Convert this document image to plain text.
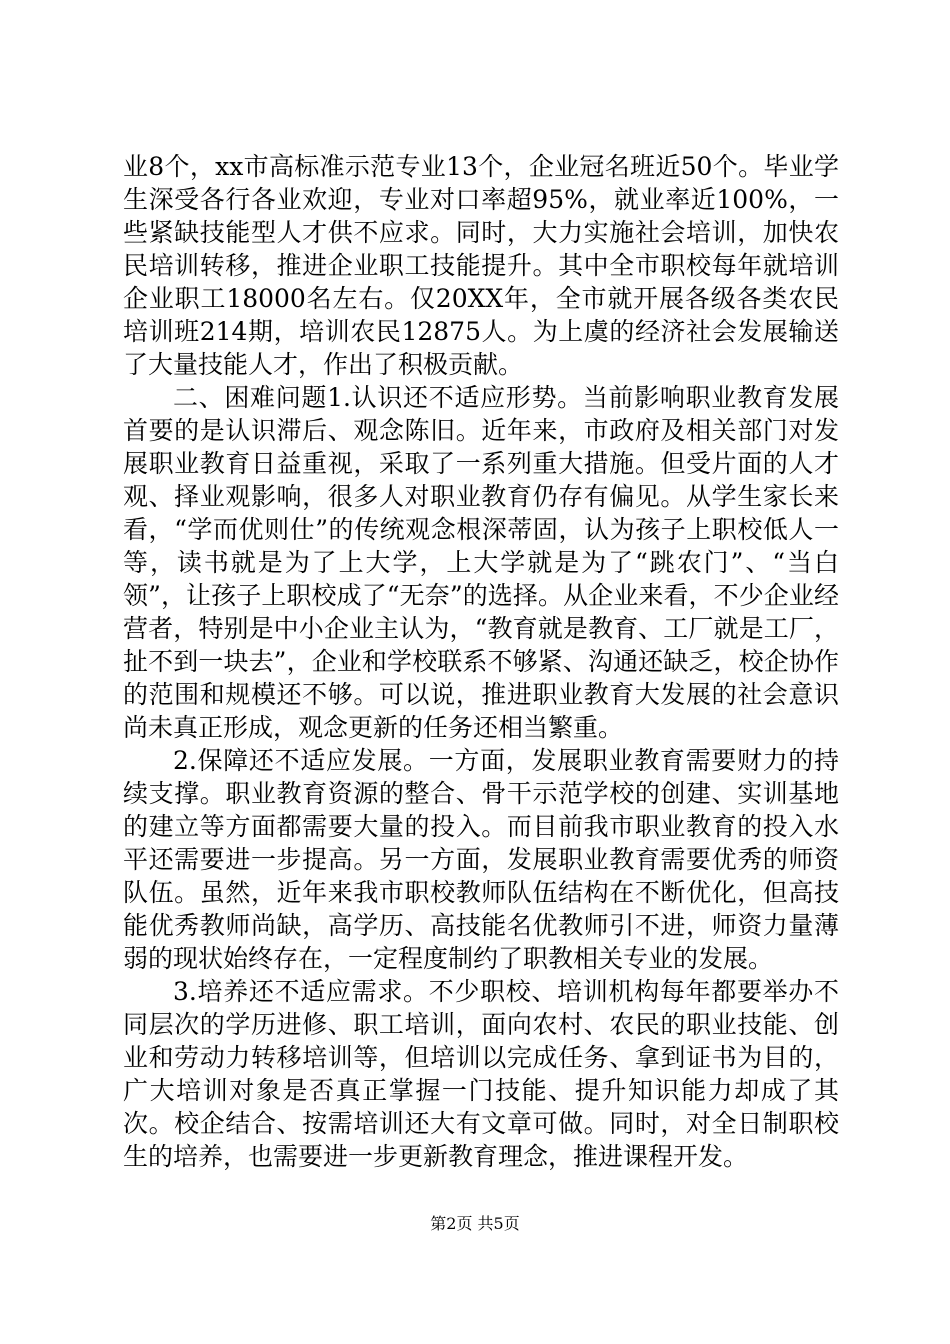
业8个，xx市高标准示范专业13个，企业冠名班近50个。毕业学生深受各行各业欢迎，专业对口率超95%，就业率近100%，一些紧缺技能型人才供不应求。同时，大力实施社会培训，加快农民培训转移，推进企业职工技能提升。其中全市职校每年就培训企业职工18000名左右。仅20XX年，全市就开展各级各类农民培训班214期，培训农民12875人。为上虞的经济社会发展输送了大量技能人才，作出了积极贡献。

二、困难问题1.认识还不适应形势。当前影响职业教育发展首要的是认识滞后、观念陈旧。近年来，市政府及相关部门对发展职业教育日益重视，采取了一系列重大措施。但受片面的人才观、择业观影响，很多人对职业教育仍存有偏见。从学生家长来看，“学而优则仕”的传统观念根深蒂固，认为孩子上职校低人一等，读书就是为了上大学，上大学就是为了“跳农门”、“当白领”，让孩子上职校成了“无奈”的选择。从企业来看，不少企业经营者，特别是中小企业主认为，“教育就是教育、工厂就是工厂，扯不到一块去”，企业和学校联系不够紧、沟通还缺乏，校企协作的范围和规模还不够。可以说，推进职业教育大发展的社会意识尚未真正形成，观念更新的任务还相当繁重。

2.保障还不适应发展。一方面，发展职业教育需要财力的持续支撑。职业教育资源的整合、骨干示范学校的创建、实训基地的建立等方面都需要大量的投入。而目前我市职业教育的投入水平还需要进一步提高。另一方面，发展职业教育需要优秀的师资队伍。虽然，近年来我市职校教师队伍结构在不断优化，但高技能优秀教师尚缺，高学历、高技能名优教师引不进，师资力量薄弱的现状始终存在，一定程度制约了职教相关专业的发展。

3.培养还不适应需求。不少职校、培训机构每年都要举办不同层次的学历进修、职工培训，面向农村、农民的职业技能、创业和劳动力转移培训等，但培训以完成任务、拿到证书为目的，广大培训对象是否真正掌握一门技能、提升知识能力却成了其次。校企结合、按需培训还大有文章可做。同时，对全日制职校生的培养，也需要进一步更新教育理念，推进课程开发。

第2页 共5页
